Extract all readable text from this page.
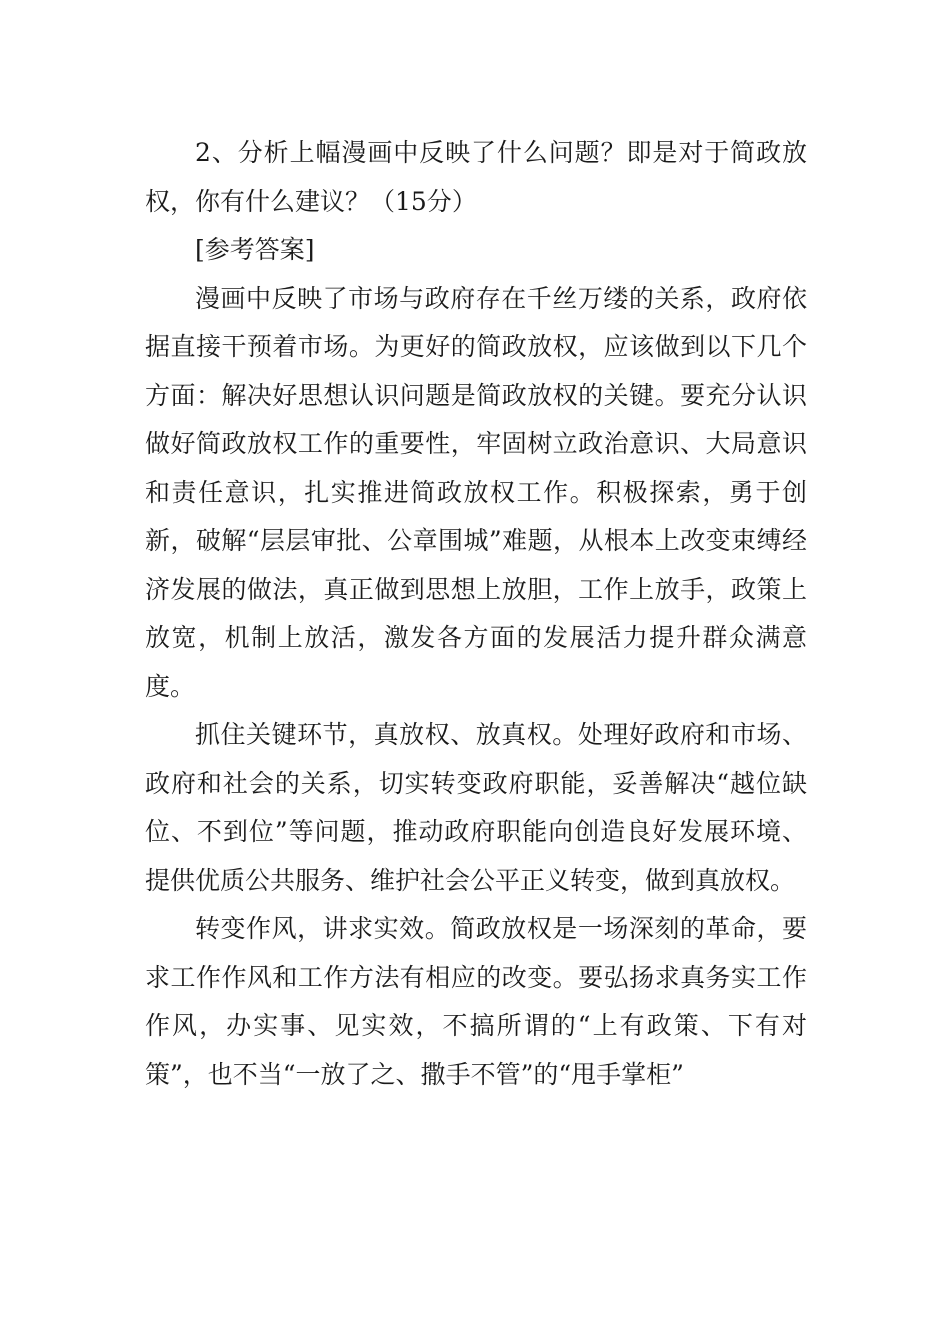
2、分析上幅漫画中反映了什么问题？即是对于简政放权，你有什么建议？（15分）

[参考答案]

漫画中反映了市场与政府存在千丝万缕的关系，政府依据直接干预着市场。为更好的简政放权，应该做到以下几个方面：解决好思想认识问题是简政放权的关键。要充分认识做好简政放权工作的重要性，牢固树立政治意识、大局意识和责任意识，扎实推进简政放权工作。积极探索，勇于创新，破解“层层审批、公章围城”难题，从根本上改变束缚经济发展的做法，真正做到思想上放胆，工作上放手，政策上放宽，机制上放活，激发各方面的发展活力提升群众满意度。

抓住关键环节，真放权、放真权。处理好政府和市场、政府和社会的关系，切实转变政府职能，妥善解决“越位缺位、不到位”等问题，推动政府职能向创造良好发展环境、提供优质公共服务、维护社会公平正义转变，做到真放权。

转变作风，讲求实效。简政放权是一场深刻的革命，要求工作作风和工作方法有相应的改变。要弘扬求真务实工作作风，办实事、见实效，不搞所谓的“上有政策、下有对策”，也不当“一放了之、撒手不管”的“甩手掌柜”
